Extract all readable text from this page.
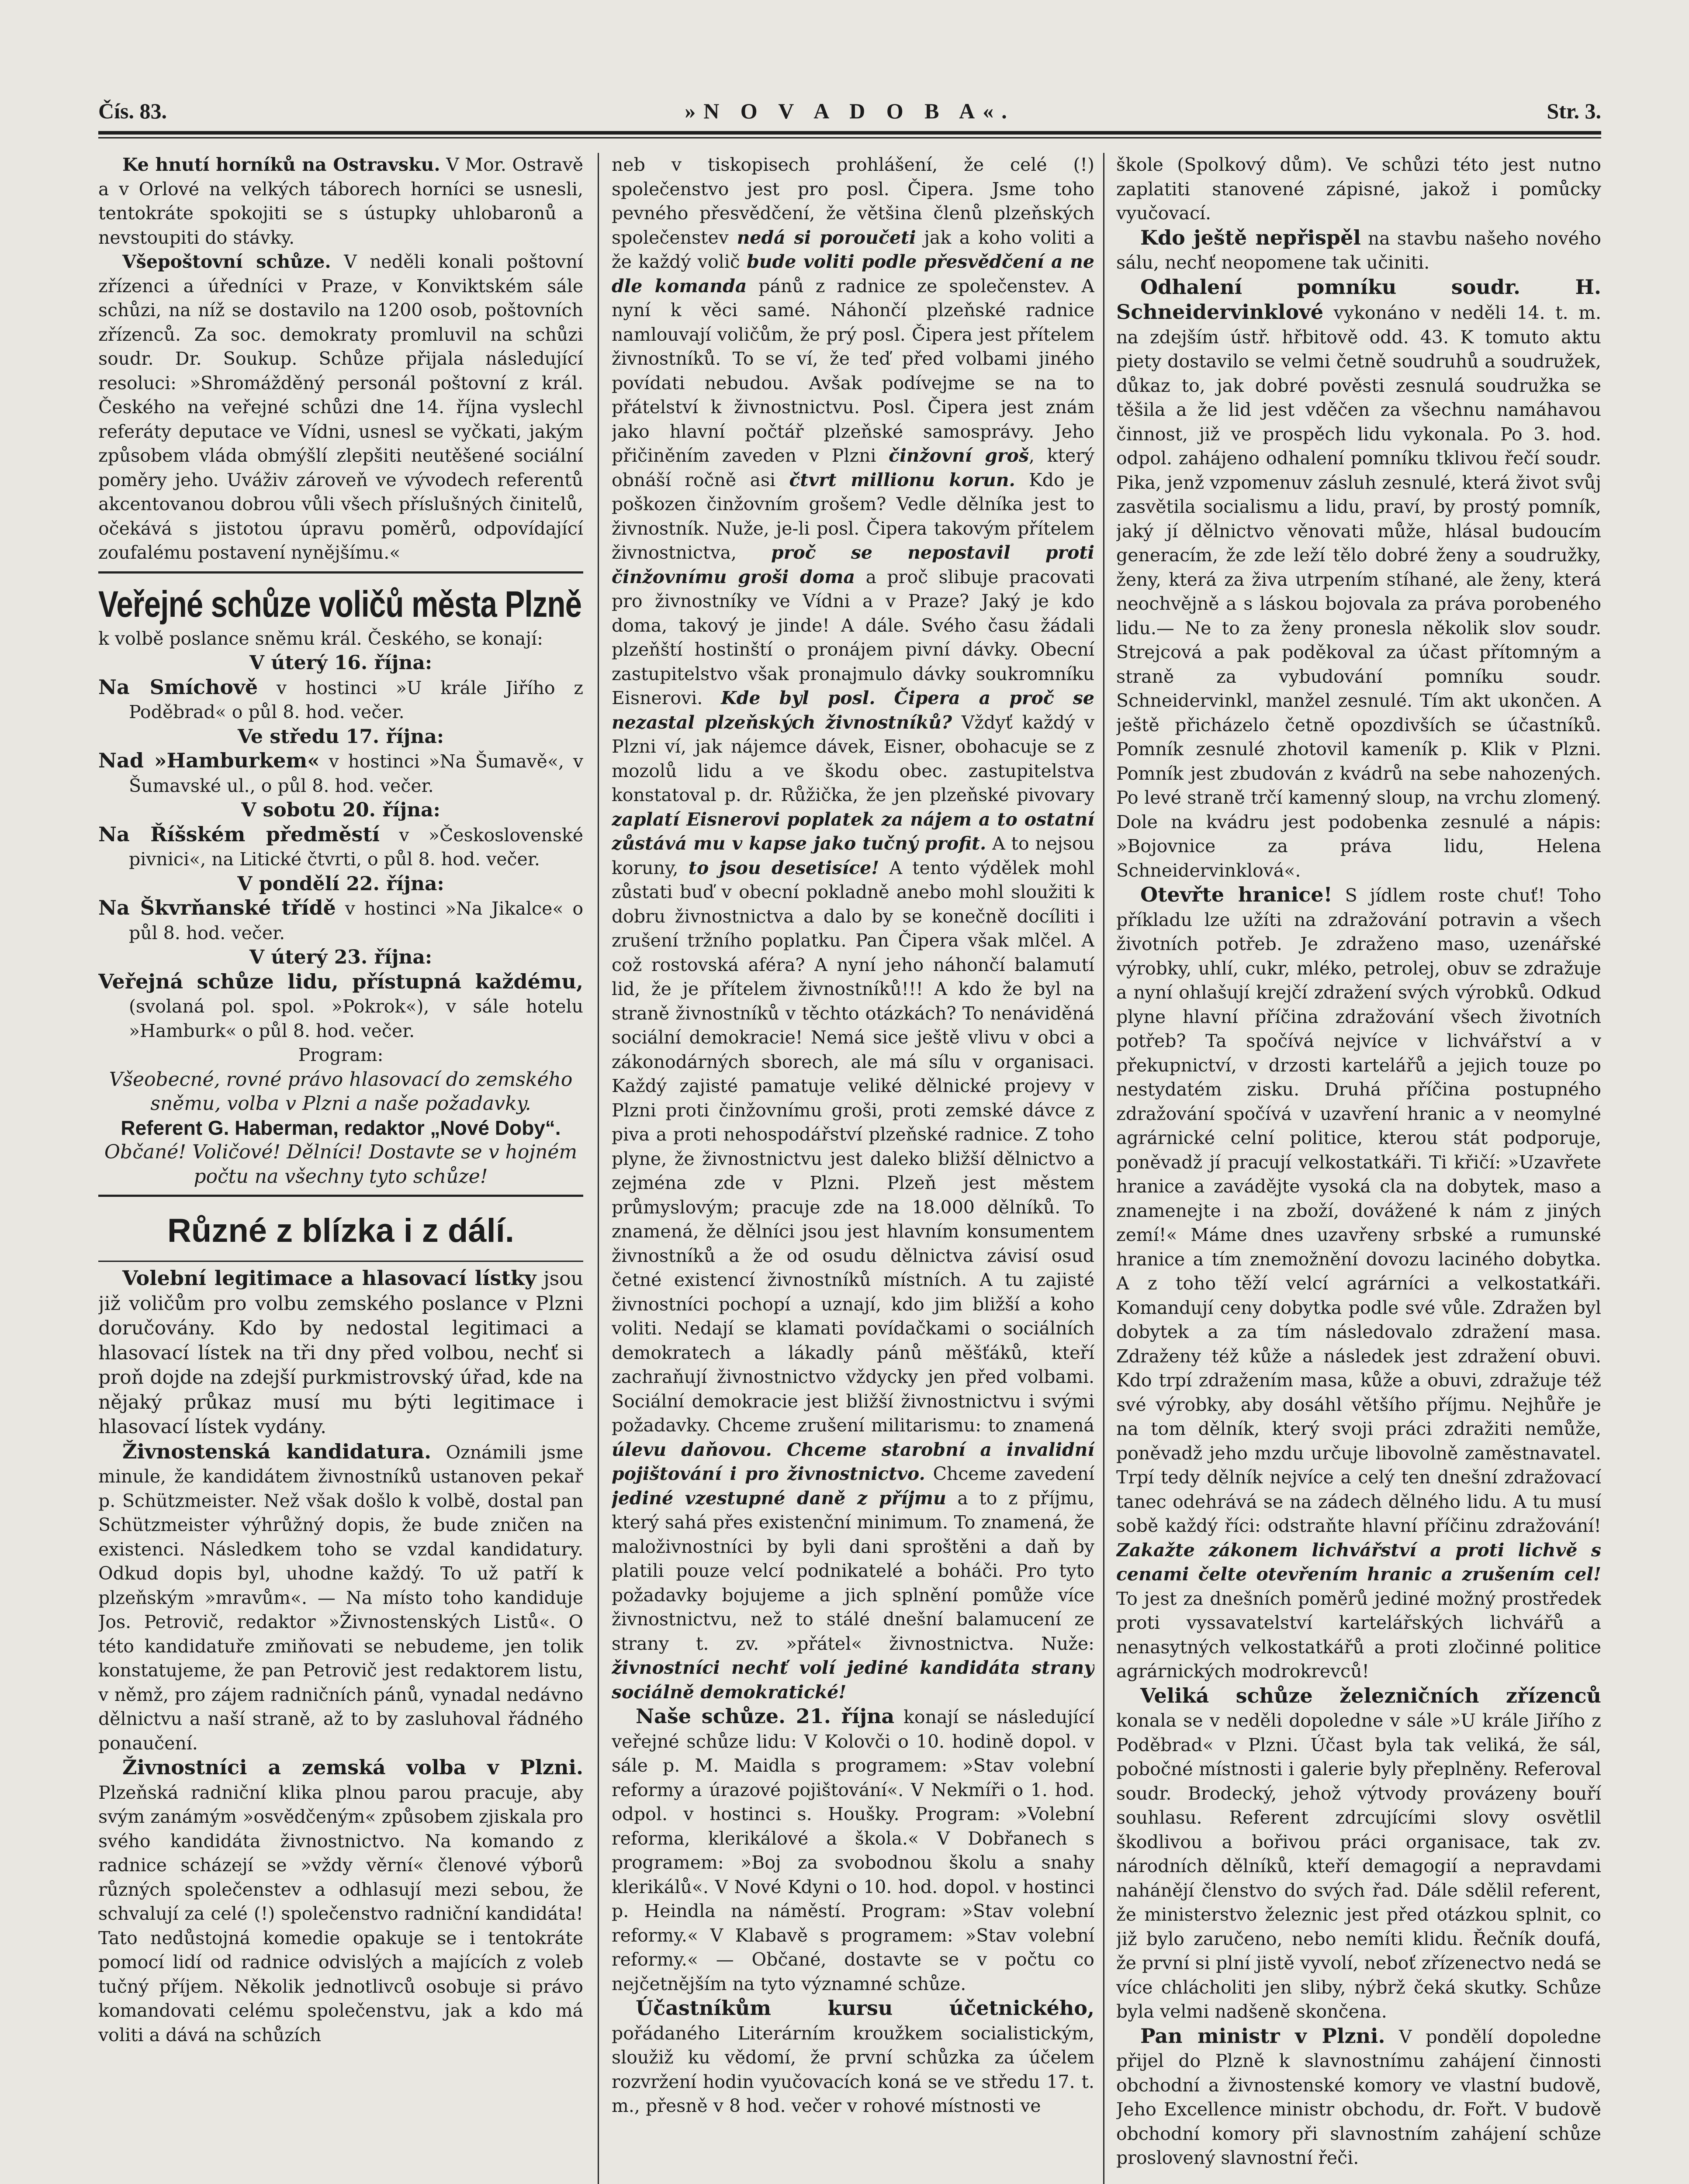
Čís. 83.	»N O V A D O B A«.	Str. 3.

Ke hnutí horníků na Ostravsku. V Mor. Ostravě a v Orlové na velkých táborech horníci se usnesli, tentokráte spokojiti se s ústupky uhlobaronů a nevstoupiti do stávky.

Všepoštovní schůze. V neděli konali poštovní zřízenci a úředníci v Praze, v Konviktském sále schůzi, na níž se dostavilo na 1200 osob, poštovních zřízenců. Za soc. demokraty promluvil na schůzi soudr. Dr. Soukup. Schůze přijala následující resoluci: »Shromážděný personál poštovní z král. Českého na veřejné schůzi dne 14. října vyslechl referáty deputace ve Vídni, usnesl se vyčkati, jakým způsobem vláda obmýšlí zlepšiti neutěšené sociální poměry jeho. Uváživ zároveň ve vývodech referentů akcentovanou dobrou vůli všech příslušných činitelů, očekává s jistotou úpravu poměrů, odpovídající zoufalému postavení nynějšímu.«

Veřejné schůze voličů města Plzně

k volbě poslance sněmu král. Českého, se konají:

V úterý 16. října:

Na Smíchově v hostinci »U krále Jiřího z Poděbrad« o půl 8. hod. večer.

Ve středu 17. října:

Nad »Hamburkem« v hostinci »Na Šumavě«, v Šumavské ul., o půl 8. hod. večer.

V sobotu 20. října:

Na Říšském předměstí v »Československé pivnici«, na Litické čtvrti, o půl 8. hod. večer.

V pondělí 22. října:

Na Škvrňanské třídě v hostinci »Na Jikalce« o půl 8. hod. večer.

V úterý 23. října:

Veřejná schůze lidu, přístupná každému, (svolaná pol. spol. »Pokrok«), v sále hotelu »Hamburk« o půl 8. hod. večer.

Program:

Všeobecné, rovné právo hlasovací do zemského sněmu, volba v Plzni a naše požadavky.

Referent G. Haberman, redaktor „Nové Doby“.

Občané! Voličové! Dělníci! Dostavte se v hojném počtu na všechny tyto schůze!

Různé z blízka i z dálí.

Volební legitimace a hlasovací lístky jsou již voličům pro volbu zemského poslance v Plzni doručovány. Kdo by nedostal legitimaci a hlasovací lístek na tři dny před volbou, nechť si proň dojde na zdejší purkmistrovský úřad, kde na nějaký průkaz musí mu býti legitimace i hlasovací lístek vydány.

Živnostenská kandidatura. Oznámili jsme minule, že kandidátem živnostníků ustanoven pekař p. Schützmeister. Než však došlo k volbě, dostal pan Schützmeister výhrůžný dopis, že bude zničen na existenci. Následkem toho se vzdal kandidatury. Odkud dopis byl, uhodne každý. To už patří k plzeňským »mravům«. — Na místo toho kandiduje Jos. Petrovič, redaktor »Živnostenských Listů«. O této kandidatuře zmiňovati se nebudeme, jen tolik konstatujeme, že pan Petrovič jest redaktorem listu, v němž, pro zájem radničních pánů, vynadal nedávno dělnictvu a naší straně, až to by zasluhoval řádného ponaučení.

Živnostníci a zemská volba v Plzni. Plzeňská radniční klika plnou parou pracuje, aby svým zanámým »osvědčeným« způsobem zjiskala pro svého kandidáta živnostnictvo. Na komando z radnice scházejí se »vždy věrní« členové výborů různých společenstev a odhlasují mezi sebou, že schvalují za celé (!) společenstvo radniční kandidáta! Tato nedůstojná komedie opakuje se i tentokráte pomocí lidí od radnice odvislých a majících z voleb tučný příjem. Několik jednotlivců osobuje si právo komandovati celému společenstvu, jak a kdo má voliti a dává na schůzích

neb v tiskopisech prohlášení, že celé (!) společenstvo jest pro posl. Čipera. Jsme toho pevného přesvědčení, že většina členů plzeňských společenstev nedá si poroučeti jak a koho voliti a že každý volič bude voliti podle přesvědčení a ne dle komanda pánů z radnice ze společenstev. A nyní k věci samé. Náhončí plzeňské radnice namlouvají voličům, že prý posl. Čipera jest přítelem živnostníků. To se ví, že teď před volbami jiného povídati nebudou. Avšak podívejme se na to přátelství k živnostnictvu. Posl. Čipera jest znám jako hlavní počtář plzeňské samosprávy. Jeho přičiněním zaveden v Plzni činžovní groš, který obnáší ročně asi čtvrt millionu korun. Kdo je poškozen činžovním grošem? Vedle dělníka jest to živnostník. Nuže, je-li posl. Čipera takovým přítelem živnostnictva, proč se nepostavil proti činžovnímu groši doma a proč slibuje pracovati pro živnostníky ve Vídni a v Praze? Jaký je kdo doma, takový je jinde! A dále. Svého času žádali plzeňští hostinští o pronájem pivní dávky. Obecní zastupitelstvo však pronajmulo dávky soukromníku Eisnerovi. Kde byl posl. Čipera a proč se nezastal plzeňských živnostníků? Vždyť každý v Plzni ví, jak nájemce dávek, Eisner, obohacuje se z mozolů lidu a ve škodu obec. zastupitelstva konstatoval p. dr. Růžička, že jen plzeňské pivovary zaplatí Eisnerovi poplatek za nájem a to ostatní zůstává mu v kapse jako tučný profit. A to nejsou koruny, to jsou desetisíce! A tento výdělek mohl zůstati buď v obecní pokladně anebo mohl sloužiti k dobru živnostnictva a dalo by se konečně docíliti i zrušení tržního poplatku. Pan Čipera však mlčel. A což rostovská aféra? A nyní jeho náhončí balamutí lid, že je přítelem živnostníků!!! A kdo že byl na straně živnostníků v těchto otázkách? To nenáviděná sociální demokracie! Nemá sice ještě vlivu v obci a zákonodárných sborech, ale má sílu v organisaci. Každý zajisté pamatuje veliké dělnické projevy v Plzni proti činžovnímu groši, proti zemské dávce z piva a proti nehospodářství plzeňské radnice. Z toho plyne, že živnostnictvu jest daleko bližší dělnictvo a zejména zde v Plzni. Plzeň jest městem průmyslovým; pracuje zde na 18.000 dělníků. To znamená, že dělníci jsou jest hlavním konsumentem živnostníků a že od osudu dělnictva závisí osud četné existencí živnostníků místních. A tu zajisté živnostníci pochopí a uznají, kdo jim bližší a koho voliti. Nedají se klamati povídačkami o sociálních demokratech a lákadly pánů měšťáků, kteří zachraňují živnostnictvo vždycky jen před volbami. Sociální demokracie jest bližší živnostnictvu i svými požadavky. Chceme zrušení militarismu: to znamená úlevu daňovou. Chceme starobní a invalidní pojištování i pro živnostnictvo. Chceme zavedení jediné vzestupné daně z příjmu a to z příjmu, který sahá přes existenční minimum. To znamená, že maloživnostníci by byli dani sproštěni a daň by platili pouze velcí podnikatelé a boháči. Pro tyto požadavky bojujeme a jich splnění pomůže více živnostnictvu, než to stálé dnešní balamucení ze strany t. zv. »přátel« živnostnictva. Nuže: živnostníci nechť volí jediné kandidáta strany sociálně demokratické!

Naše schůze. 21. října konají se následující veřejné schůze lidu: V Kolovči o 10. hodině dopol. v sále p. M. Maidla s programem: »Stav volební reformy a úrazové pojištování«. V Nekmíři o 1. hod. odpol. v hostinci s. Houšky. Program: »Volební reforma, klerikálové a škola.« V Dobřanech s programem: »Boj za svobodnou školu a snahy klerikálů«. V Nové Kdyni o 10. hod. dopol. v hostinci p. Heindla na náměstí. Program: »Stav volební reformy.« V Klabavě s programem: »Stav volební reformy.« — Občané, dostavte se v počtu co nejčetnějším na tyto významné schůze.

Účastníkům kursu účetnického, pořádaného Literárním kroužkem socialistickým, sloužiž ku vědomí, že první schůzka za účelem rozvržení hodin vyučovacích koná se ve středu 17. t. m., přesně v 8 hod. večer v rohové místnosti ve

škole (Spolkový dům). Ve schůzi této jest nutno zaplatiti stanovené zápisné, jakož i pomůcky vyučovací.

Kdo ještě nepřispěl na stavbu našeho nového sálu, nechť neopomene tak učiniti.

Odhalení pomníku soudr. H. Schneidervinklové vykonáno v neděli 14. t. m. na zdejším ústř. hřbitově odd. 43. K tomuto aktu piety dostavilo se velmi četně soudruhů a soudružek, důkaz to, jak dobré pověsti zesnulá soudružka se těšila a že lid jest vděčen za všechnu namáhavou činnost, již ve prospěch lidu vykonala. Po 3. hod. odpol. zahájeno odhalení pomníku tklivou řečí soudr. Pika, jenž vzpomenuv zásluh zesnulé, která život svůj zasvětila socialismu a lidu, praví, by prostý pomník, jaký jí dělnictvo věnovati může, hlásal budoucím generacím, že zde leží tělo dobré ženy a soudružky, ženy, která za živa utrpením stíhané, ale ženy, která neochvějně a s láskou bojovala za práva porobeného lidu.— Ne to za ženy pronesla několik slov soudr. Strejcová a pak poděkoval za účast přítomným a straně za vybudování pomníku soudr. Schneidervinkl, manžel zesnulé. Tím akt ukončen. A ještě přicházelo četně opozdivších se účastníků. Pomník zesnulé zhotovil kameník p. Klik v Plzni. Pomník jest zbudován z kvádrů na sebe nahozených. Po levé straně trčí kamenný sloup, na vrchu zlomený. Dole na kvádru jest podobenka zesnulé a nápis: »Bojovnice za práva lidu, Helena Schneidervinklová«.

Otevřte hranice! S jídlem roste chuť! Toho příkladu lze užíti na zdražování potravin a všech životních potřeb. Je zdraženo maso, uzenářské výrobky, uhlí, cukr, mléko, petrolej, obuv se zdražuje a nyní ohlašují krejčí zdražení svých výrobků. Odkud plyne hlavní příčina zdražování všech životních potřeb? Ta spočívá nejvíce v lichvářství a v překupnictví, v drzosti kartelářů a jejich touze po nestydatém zisku. Druhá příčina postupného zdražování spočívá v uzavření hranic a v neomylné agrárnické celní politice, kterou stát podporuje, poněvadž jí pracují velkostatkáři. Ti křičí: »Uzavřete hranice a zavádějte vysoká cla na dobytek, maso a znamenejte i na zboží, dovážené k nám z jiných zemí!« Máme dnes uzavřeny srbské a rumunské hranice a tím znemožnění dovozu laciného dobytka. A z toho těží velcí agrárníci a velkostatkáři. Komandují ceny dobytka podle své vůle. Zdražen byl dobytek a za tím následovalo zdražení masa. Zdraženy též kůže a následek jest zdražení obuvi. Kdo trpí zdražením masa, kůže a obuvi, zdražuje též své výrobky, aby dosáhl většího příjmu. Nejhůře je na tom dělník, který svoji práci zdražiti nemůže, poněvadž jeho mzdu určuje libovolně zaměstnavatel. Trpí tedy dělník nejvíce a celý ten dnešní zdražovací tanec odehrává se na zádech dělného lidu. A tu musí sobě každý říci: odstraňte hlavní příčinu zdražování! Zakažte zákonem lichvářství a proti lichvě s cenami čelte otevřením hranic a zrušením cel! To jest za dnešních poměrů jediné možný prostředek proti vyssavatelství kartelářských lichvářů a nenasytných velkostatkářů a proti zločinné politice agrárnických modrokrevců!

Veliká schůze železničních zřízenců konala se v neděli dopoledne v sále »U krále Jiřího z Poděbrad« v Plzni. Účast byla tak veliká, že sál, pobočné místnosti i galerie byly přeplněny. Referoval soudr. Brodecký, jehož výtvody provázeny bouří souhlasu. Referent zdrcujícími slovy osvětlil škodlivou a bořivou práci organisace, tak zv. národních dělníků, kteří demagogií a nepravdami nahánějí členstvo do svých řad. Dále sdělil referent, že ministerstvo železnic jest před otázkou splnit, co již bylo zaručeno, nebo nemíti klidu. Řečník doufá, že první si plní jistě vyvolí, neboť zřízenectvo nedá se více chlácholiti jen sliby, nýbrž čeká skutky. Schůze byla velmi nadšeně skončena.

Pan ministr v Plzni. V pondělí dopoledne přijel do Plzně k slavnostnímu zahájení činnosti obchodní a živnostenské komory ve vlastní budově, Jeho Excellence ministr obchodu, dr. Fořt. V budově obchodní komory při slavnostním zahájení schůze proslovený slavnostní řeči.
